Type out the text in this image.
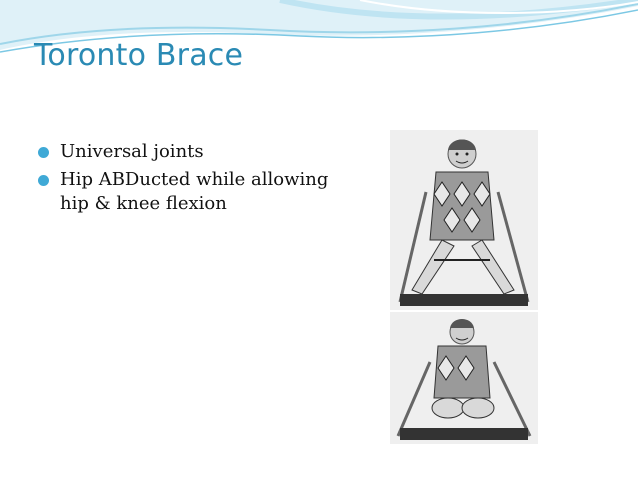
Toronto Brace
Universal joints
Hip ABDucted while allowing hip & knee flexion
